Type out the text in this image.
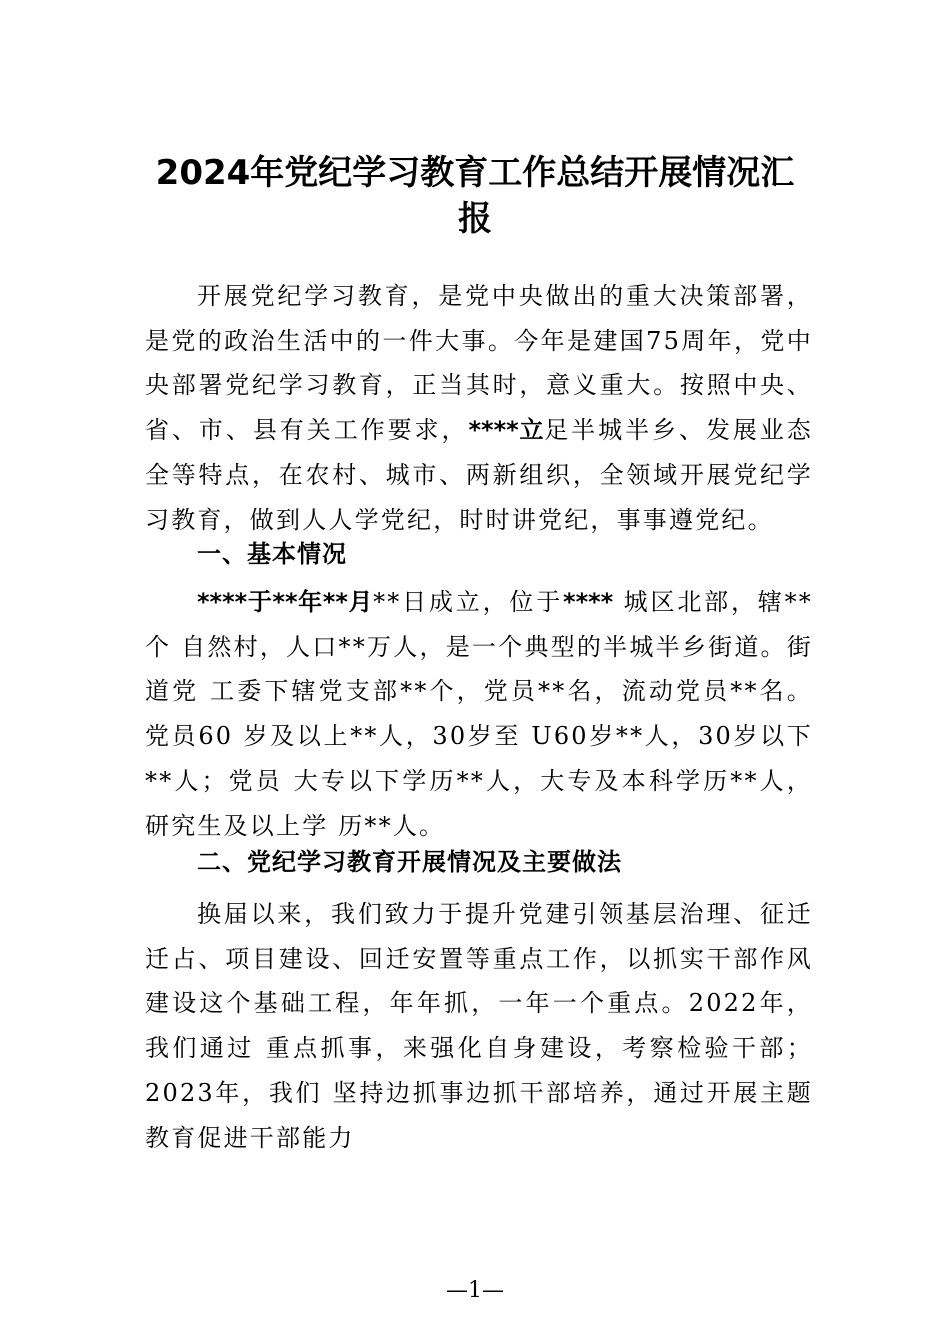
2024年党纪学习教育工作总结开展情况汇
报
开展党纪学习教育，是党中央做出的重大决策部署，是党的政治生活中的一件大事。今年是建国75周年，党中央部署党纪学习教育，正当其时，意义重大。按照中央、省、市、县有关工作要求，****立足半城半乡、发展业态全等特点，在农村、城市、两新组织，全领域开展党纪学习教育，做到人人学党纪，时时讲党纪，事事遵党纪。
一、基本情况
****于**年**月**日成立，位于**** 城区北部，辖**个 自然村，人口**万人，是一个典型的半城半乡街道。街道党 工委下辖党支部**个，党员**名，流动党员**名。党员60 岁及以上**人，30岁至 U60岁**人，30岁以下**人；党员 大专以下学历**人，大专及本科学历**人，研究生及以上学 历**人。
二、党纪学习教育开展情况及主要做法
换届以来，我们致力于提升党建引领基层治理、征迁迁占、项目建设、回迁安置等重点工作，以抓实干部作风建设这个基础工程，年年抓，一年一个重点。2022年，我们通过 重点抓事，来强化自身建设，考察检验干部；2023年，我们 坚持边抓事边抓干部培养，通过开展主题教育促进干部能力
—1—
